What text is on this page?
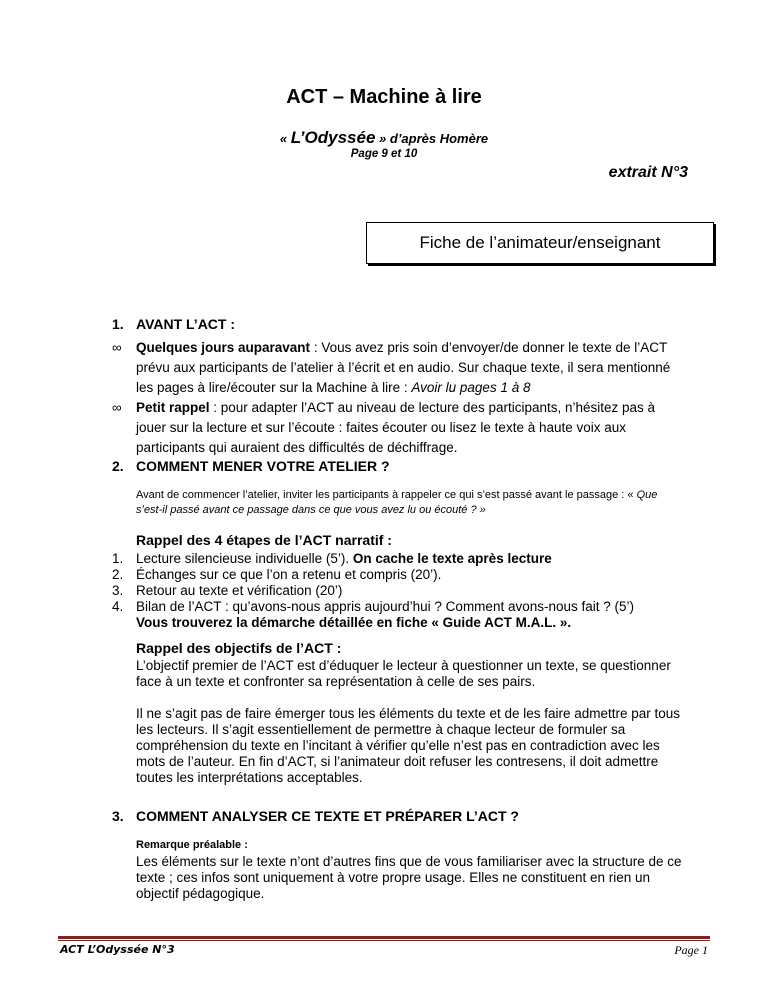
ACT – Machine à lire
« L’Odyssée » d’après Homère
Page 9 et 10
extrait N°3
Fiche de l’animateur/enseignant
1. AVANT L’ACT :
∞	Quelques jours auparavant : Vous avez pris soin d’envoyer/de donner le texte de l’ACT prévu aux participants de l’atelier à l’écrit et en audio. Sur chaque texte, il sera mentionné les pages à lire/écouter sur la Machine à lire : Avoir lu pages 1 à 8
∞	Petit rappel : pour adapter l’ACT au niveau de lecture des participants, n’hésitez pas à jouer sur la lecture et sur l’écoute : faites écouter ou lisez le texte à haute voix aux participants qui auraient des difficultés de déchiffrage.
2. COMMENT MENER VOTRE ATELIER ?
Avant de commencer l’atelier, inviter les participants à rappeler ce qui s’est passé avant le passage : « Que s’est-il passé avant ce passage dans ce que vous avez lu ou écouté ? »
Rappel des 4 étapes de l’ACT narratif :
1. Lecture silencieuse individuelle (5’). On cache le texte après lecture
2. Échanges sur ce que l’on a retenu et compris (20’).
3. Retour au texte et vérification (20’)
4. Bilan de l’ACT : qu’avons-nous appris aujourd’hui ? Comment avons-nous fait ? (5’)
Vous trouverez la démarche détaillée en fiche « Guide ACT M.A.L. ».
Rappel des objectifs de l’ACT :
L’objectif premier de l’ACT est d’éduquer le lecteur à questionner un texte, se questionner face à un texte et confronter sa représentation à celle de ses pairs.
Il ne s’agit pas de faire émerger tous les éléments du texte et de les faire admettre par tous les lecteurs. Il s’agit essentiellement de permettre à chaque lecteur de formuler sa compréhension du texte en l’incitant à vérifier qu’elle n’est pas en contradiction avec les mots de l’auteur. En fin d’ACT, si l’animateur doit refuser les contresens, il doit admettre toutes les interprétations acceptables.
3. COMMENT ANALYSER CE TEXTE ET PRÉPARER L’ACT ?
Remarque préalable :
Les éléments sur le texte n’ont d’autres fins que de vous familiariser avec la structure de ce texte ; ces infos sont uniquement à votre propre usage. Elles ne constituent en rien un objectif pédagogique.
ACT L’Odyssée N°3	Page 1
